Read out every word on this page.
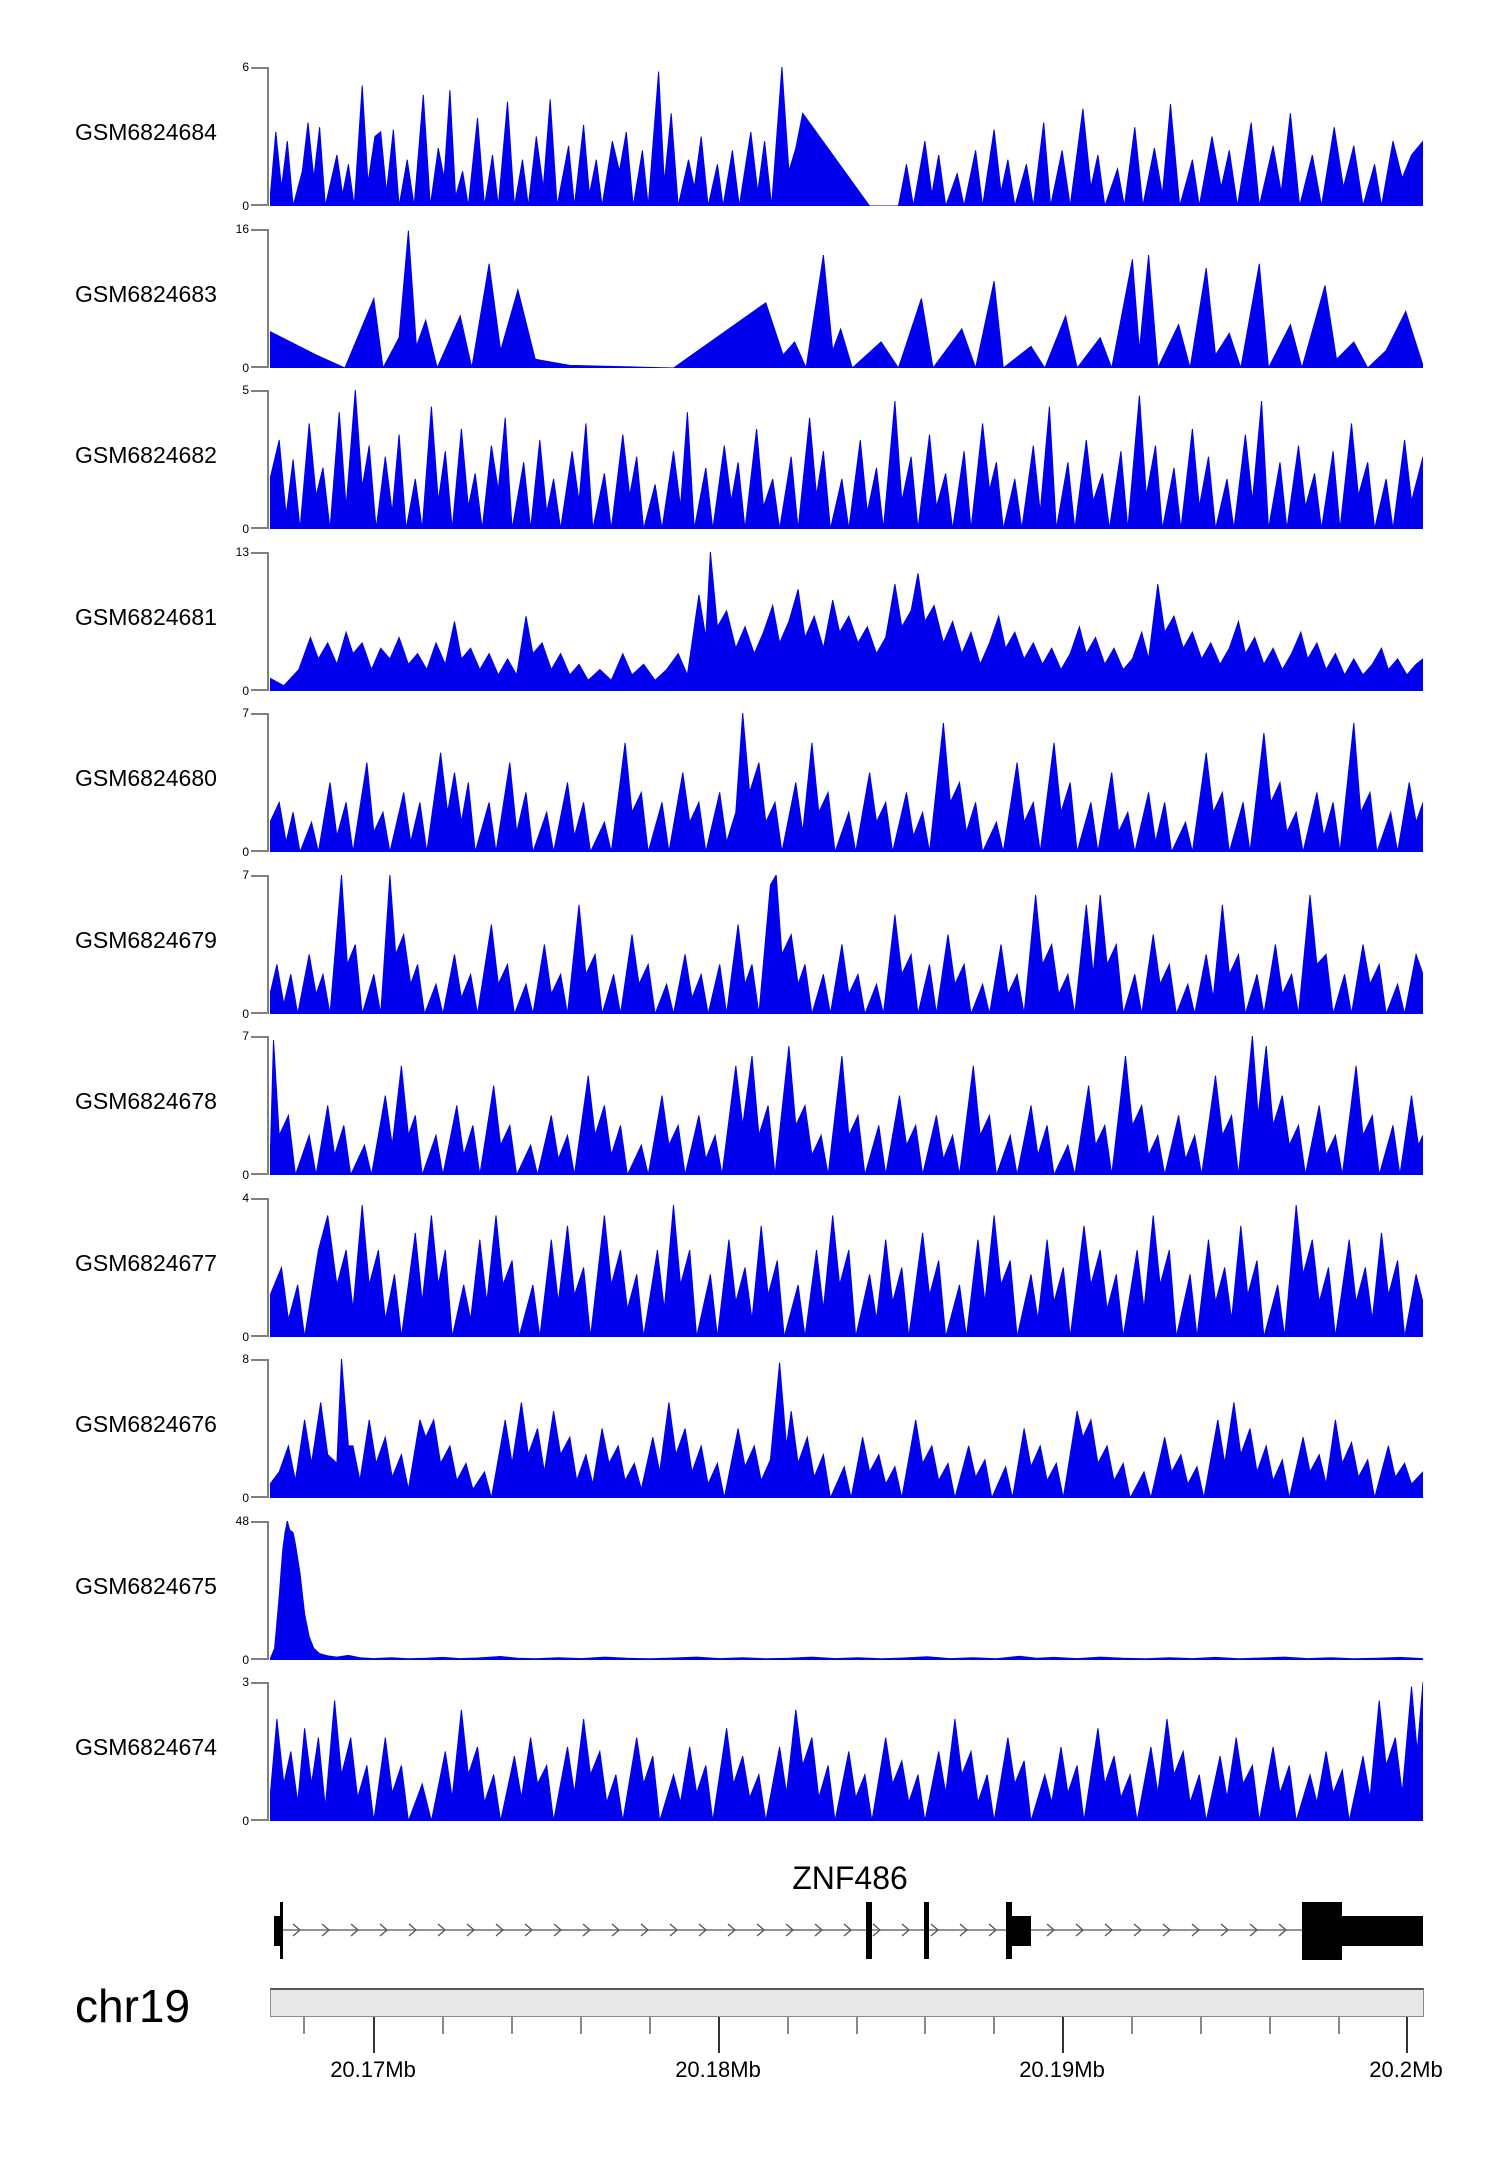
GSM6824684
6
0
GSM6824683
16
0
GSM6824682
5
0
GSM6824681
13
0
GSM6824680
7
0
GSM6824679
7
0
GSM6824678
7
0
GSM6824677
4
0
GSM6824676
8
0
GSM6824675
48
0
GSM6824674
3
0
ZNF486
chr19
20.17Mb	20.18Mb	20.19Mb	20.2Mb
